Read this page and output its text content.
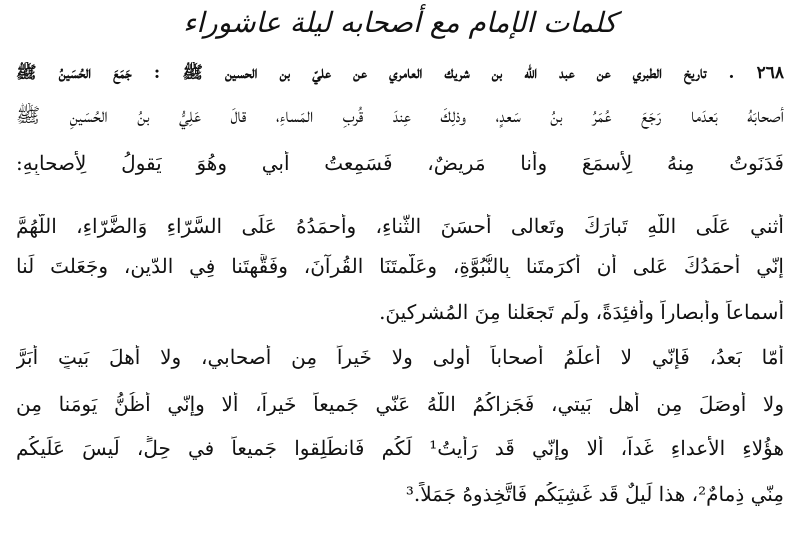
كلمات الإمام مع أصحابه ليلة عاشوراء
٢٦٨ . تاريخ الطبري عن عبد الله بن شريك العامري عن عليّ بن الحسين ﷺ : جَمَعَ الحُسَينُ ﷺ
أصحابَهُ بَعدَما رَجَعَ عُمَرُ بنُ سَعدٍ، وذلِكَ عِندَ قُربِ المَساءِ، قالَ عَلِيُّ بنُ الحُسَينِ ﷺ
فَدَنَوتُ مِنهُ لِأَسمَعَ وأنا مَريضٌ، فَسَمِعتُ أبي وهُوَ يَقولُ لِأَصحابِهِ:
أُثني عَلَى اللّهِ تَبارَكَ وتَعالى أحسَنَ الثَّناءِ، وأحمَدُهُ عَلَى السَّرّاءِ وَالضَّرّاءِ، اللّهُمَّ
إنّي أحمَدُكَ عَلى أن أكرَمتَنا بِالنُّبُوَّةِ، وعَلَّمتَنَا القُرآنَ، وفَقَّهتَنا فِي الدّينِ، وجَعَلتَ لَنا
أسماعاً وأبصاراً وأفئِدَةً، ولَم تَجعَلنا مِنَ المُشرِكينَ.
أمّا بَعدُ، فَإِنّي لا أعلَمُ أصحاباً أولى ولا خَيراً مِن أصحابي، ولا أهلَ بَيتٍ أبَرَّ
ولا أوصَلَ مِن أهلِ بَيتي، فَجَزاكُمُ اللّهُ عَنّي جَميعاً خَيراً، ألا وإنّي أظُنُّ يَومَنا مِن
هؤُلاءِ الأَعداءِ غَداً، ألا وإنّي قَد رَأَيتُ¹ لَكُم فَانطَلِقوا جَميعاً في حِلٍّ، لَيسَ عَلَيكُم
مِنّي ذِمامٌ²، هذا لَيلٌ قَد غَشِيَكُم فَاتَّخِذوهُ جَمَلاً.³
